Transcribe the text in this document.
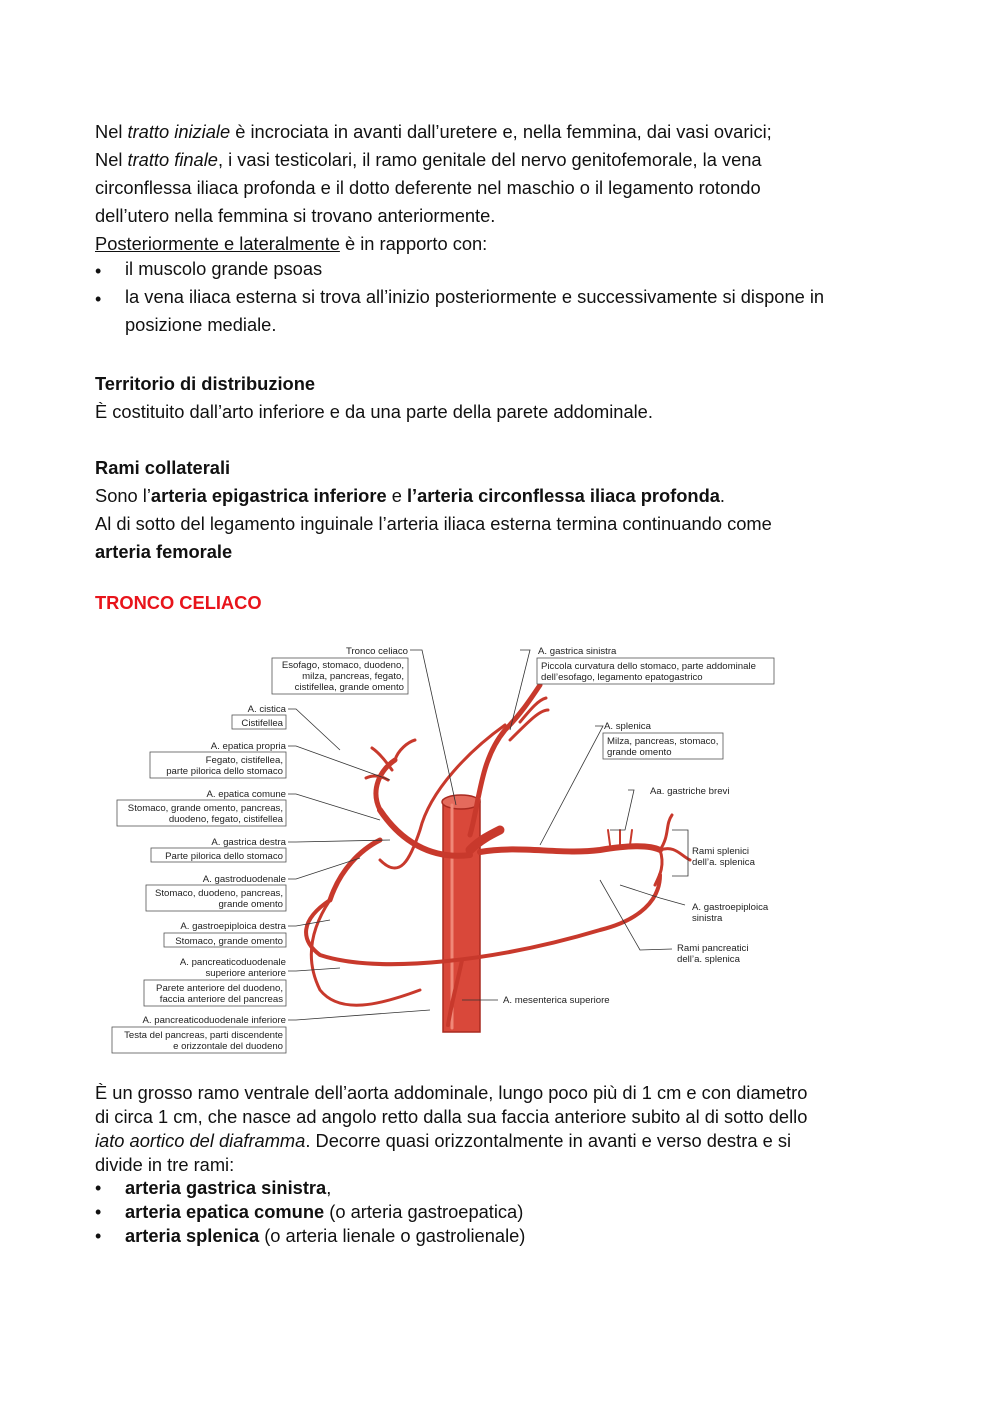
Nel tratto iniziale è incrociata in avanti dall’uretere e, nella femmina, dai vasi ovarici;

Nel tratto finale, i vasi testicolari, il ramo genitale del nervo genitofemorale, la vena

circonflessa iliaca profonda e il dotto deferente nel maschio o il legamento rotondo

dell’utero nella femmina si trovano anteriormente.

Posteriormente e lateralmente è in rapporto con:

• il muscolo grande psoas
• la vena iliaca esterna si trova all’inizio posteriormente e successivamente si dispone in
posizione mediale.

Territorio di distribuzione

È costituito dall’arto inferiore e da una parte della parete addominale.

Rami collaterali

Sono l’arteria epigastrica inferiore e l’arteria circonflessa iliaca profonda.

Al di sotto del legamento inguinale l’arteria iliaca esterna termina continuando come

arteria femorale

TRONCO CELIACO
Tronco celiaco
Esofago, stomaco, duodeno,
milza, pancreas, fegato,
cistifellea, grande omento
A. cistica
Cistifellea
A. epatica propria
Fegato, cistifellea,
parte pilorica dello stomaco
A. epatica comune
Stomaco, grande omento, pancreas,
duodeno, fegato, cistifellea
A. gastrica destra
Parte pilorica dello stomaco
A. gastroduodenale
Stomaco, duodeno, pancreas,
grande omento
A. gastroepiploica destra
Stomaco, grande omento
A. pancreaticoduodenale
superiore anteriore
Parete anteriore del duodeno,
faccia anteriore del pancreas
A. pancreaticoduodenale inferiore
Testa del pancreas, parti discendente
e orizzontale del duodeno
A. gastrica sinistra
Piccola curvatura dello stomaco, parte addominale
dell’esofago, legamento epatogastrico
A. splenica
Milza, pancreas, stomaco,
grande omento
Aa. gastriche brevi
Rami splenici
dell’a. splenica
A. gastroepiploica
sinistra
Rami pancreatici
dell’a. splenica
A. mesenterica superiore

È un grosso ramo ventrale dell’aorta addominale, lungo poco più di 1 cm e con diametro

di circa 1 cm, che nasce ad angolo retto dalla sua faccia anteriore subito al di sotto dello

iato aortico del diaframma. Decorre quasi orizzontalmente in avanti e verso destra e si

divide in tre rami:

• arteria gastrica sinistra,
• arteria epatica comune (o arteria gastroepatica)
• arteria splenica (o arteria lienale o gastrolienale)
